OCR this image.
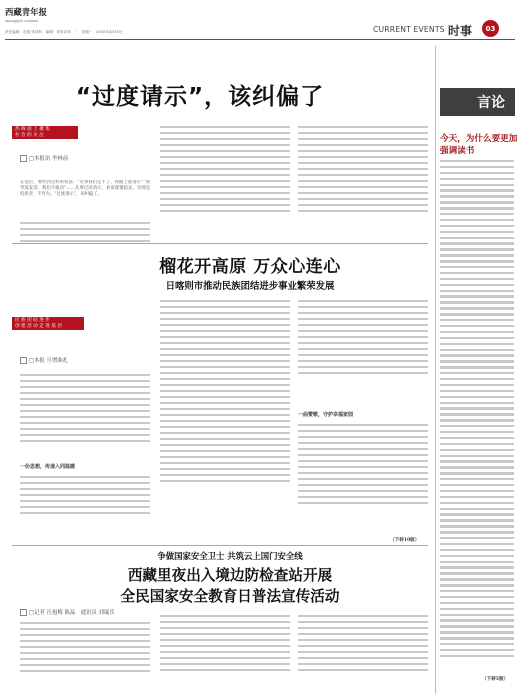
西藏青年报
xizangqnb.com/xxx
责任编辑：旺堆 张泽科　编辑：蒙布泽加　｜　星期一　2016年4月18日	CURRENT EVENTS 时事	03
“过度请示”，该纠偏了
热 线 面 上 聚 焦
社 会 的 关 注
□本报讯 李林前
在基层，要听到这样的说法：“这事我们定不了，得跟上面请示”“领导没发话，我们不敢动”……凡事过度请示，看似谨慎稳妥，实则是怕担责、不作为。“过度请示”，该纠偏了。
榴花开高原 万众心连心
日喀则市推动民族团结进步事业繁荣发展
民 族 团 结 进 步
创 建 活 动 走 进 基 层
□本报 旦增曲扎
一份思想，传递入同温暖
一曲赞歌，守护幸福家园
（下转10版）
争做国家安全卫士 共筑云上国门安全线
西藏里夜出入境边防检查站开展
全民国家安全教育日普法宣传活动
□记者 汪旭梅 陈晶　通讯员 刘瑞乐
言论
今天，为什么要更加
强调读书
（下转5版）
